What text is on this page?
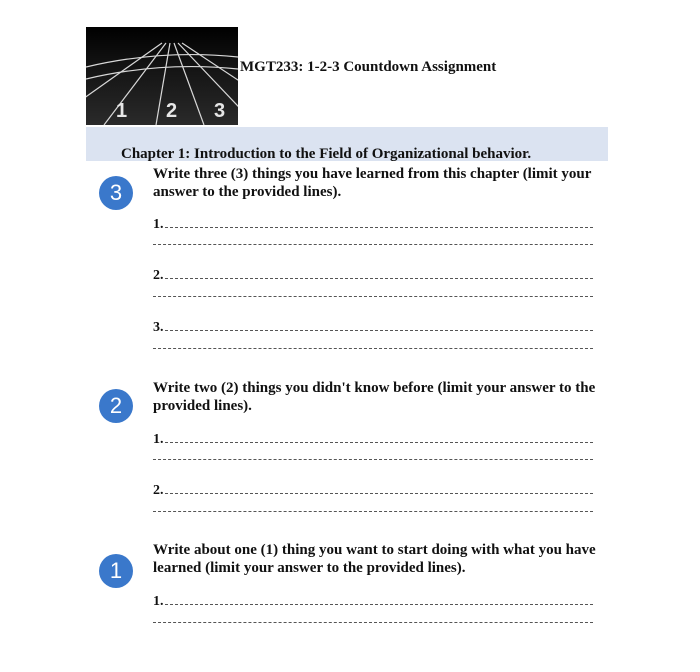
1 2 3
MGT233: 1-2-3 Countdown Assignment
Chapter 1: Introduction to the Field of Organizational behavior.
3
Write three (3) things you have learned from this chapter (limit your answer to the provided lines).
1.
2.
3.
2
Write two (2) things you didn't know before (limit your answer to the provided lines).
1.
2.
1
Write about one (1) thing you want to start doing with what you have learned (limit your answer to the provided lines).
1.
